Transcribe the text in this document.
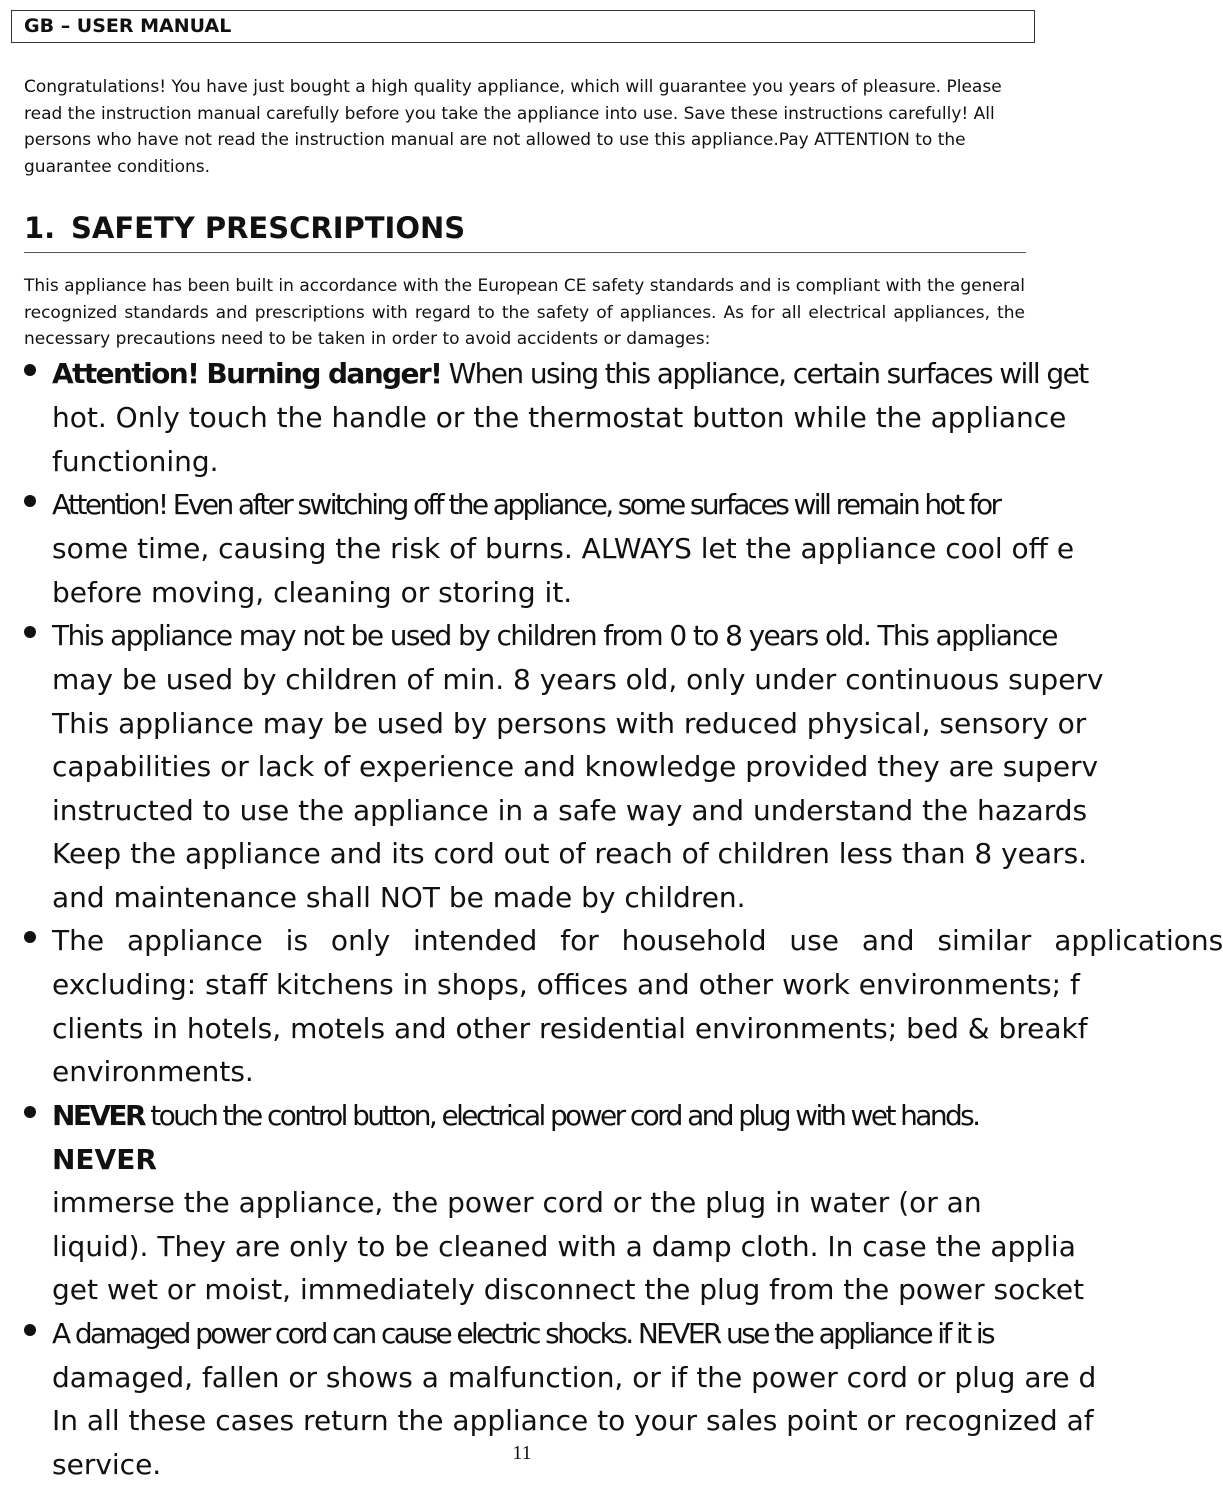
GB – USER MANUAL

Congratulations! You have just bought a high quality appliance, which will guarantee you years of pleasure. Please read the instruction manual carefully before you take the appliance into use. Save these instructions carefully! All persons who have not read the instruction manual are not allowed to use this appliance.Pay ATTENTION to the guarantee conditions.

1. SAFETY PRESCRIPTIONS

This appliance has been built in accordance with the European CE safety standards and is compliant with the general recognized standards and prescriptions with regard to the safety of appliances. As for all electrical appliances, the necessary precautions need to be taken in order to avoid accidents or damages:

Attention! Burning danger! When using this appliance, certain surfaces will get
hot. Only touch the handle or the thermostat button while the appliance
functioning.
Attention! Even after switching off the appliance, some surfaces will remain hot for
some time, causing the risk of burns. ALWAYS let the appliance cool off e
before moving, cleaning or storing it.
This appliance may not be used by children from 0 to 8 years old. This appliance
may be used by children of min. 8 years old, only under continuous superv
This appliance may be used by persons with reduced physical, sensory or
capabilities or lack of experience and knowledge provided they are superv
instructed to use the appliance in a safe way and understand the hazards
Keep the appliance and its cord out of reach of children less than 8 years.
and maintenance shall NOT be made by children.
The appliance is only intended for household use and similar applications
excluding: staff kitchens in shops, offices and other work environments; f
clients in hotels, motels and other residential environments; bed & breakf
environments.
NEVER touch the control button, electrical power cord and plug with wet hands.
NEVER
immerse the appliance, the power cord or the plug in water (or an
liquid). They are only to be cleaned with a damp cloth. In case the applia
get wet or moist, immediately disconnect the plug from the power socket
A damaged power cord can cause electric shocks. NEVER use the appliance if it is
damaged, fallen or shows a malfunction, or if the power cord or plug are d
In all these cases return the appliance to your sales point or recognized af
service.	11
